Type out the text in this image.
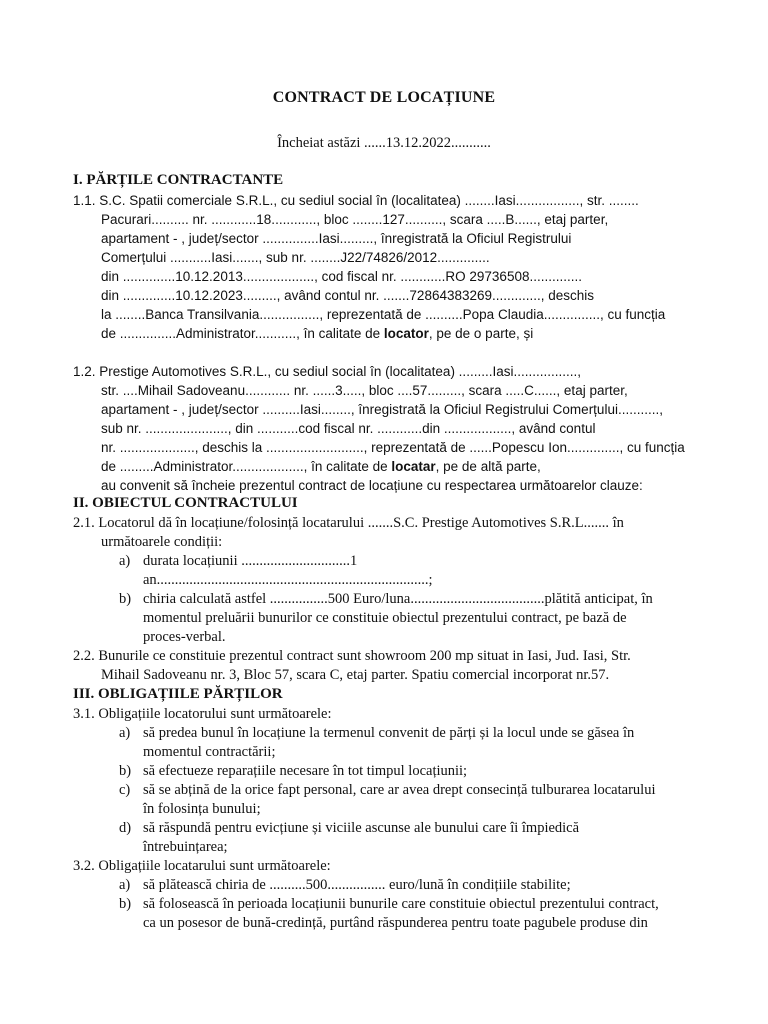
CONTRACT DE LOCAȚIUNE
Încheiat astăzi ......13.12.2022...........
I. PĂRȚILE CONTRACTANTE
1.1. S.C. Spatii comerciale S.R.L., cu sediul social în (localitatea) ........Iasi................., str. ........
Pacurari.......... nr. ............18............, bloc ........127.........., scara .....B......, etaj parter,
apartament - , județ/sector ...............Iasi........., înregistrată la Oficiul Registrului
Comerțului ...........Iasi......., sub nr. ........J22/74826/2012..............
din ..............10.12.2013..................., cod fiscal nr. ............RO 29736508..............
din ..............10.12.2023........., având contul nr. .......72864383269............., deschis
la ........Banca Transilvania................, reprezentată de ..........Popa Claudia..............., cu funcția
de ...............Administrator..........., în calitate de locator, pe de o parte, și
1.2. Prestige Automotives S.R.L., cu sediul social în (localitatea) .........Iasi.................,
str. ....Mihail Sadoveanu............ nr. ......3....., bloc ....57........., scara .....C......, etaj parter,
apartament - , județ/sector ..........Iasi........, înregistrată la Oficiul Registrului Comerțului...........,
sub nr. ......................, din ...........cod fiscal nr. ............din .................., având contul
nr. ...................., deschis la .........................., reprezentată de ......Popescu Ion.............., cu funcția
de .........Administrator..................., în calitate de locatar, pe de altă parte,
au convenit să încheie prezentul contract de locațiune cu respectarea următoarelor clauze:
II. OBIECTUL CONTRACTULUI
2.1. Locatorul dă în locațiune/folosință locatarului .......S.C. Prestige Automotives S.R.L....... în
următoarele condiții:
a) durata locațiunii ..............................1
an...........................................................................;
b) chiria calculată astfel ................500 Euro/luna.....................................plătită anticipat, în
momentul preluării bunurilor ce constituie obiectul prezentului contract, pe bază de
proces-verbal.
2.2. Bunurile ce constituie prezentul contract sunt showroom 200 mp situat in Iasi, Jud. Iasi, Str.
Mihail Sadoveanu nr. 3, Bloc 57, scara C, etaj parter. Spatiu comercial incorporat nr.57.
III. OBLIGAȚIILE PĂRȚILOR
3.1. Obligațiile locatorului sunt următoarele:
a) să predea bunul în locațiune la termenul convenit de părți și la locul unde se găsea în
momentul contractării;
b) să efectueze reparațiile necesare în tot timpul locațiunii;
c) să se abțină de la orice fapt personal, care ar avea drept consecință tulburarea locatarului
în folosința bunului;
d) să răspundă pentru evicțiune și viciile ascunse ale bunului care îi împiedică
întrebuințarea;
3.2. Obligațiile locatarului sunt următoarele:
a) să plătească chiria de ..........500................ euro/lună în condițiile stabilite;
b) să folosească în perioada locațiunii bunurile care constituie obiectul prezentului contract,
ca un posesor de bună-credință, purtând răspunderea pentru toate pagubele produse din
